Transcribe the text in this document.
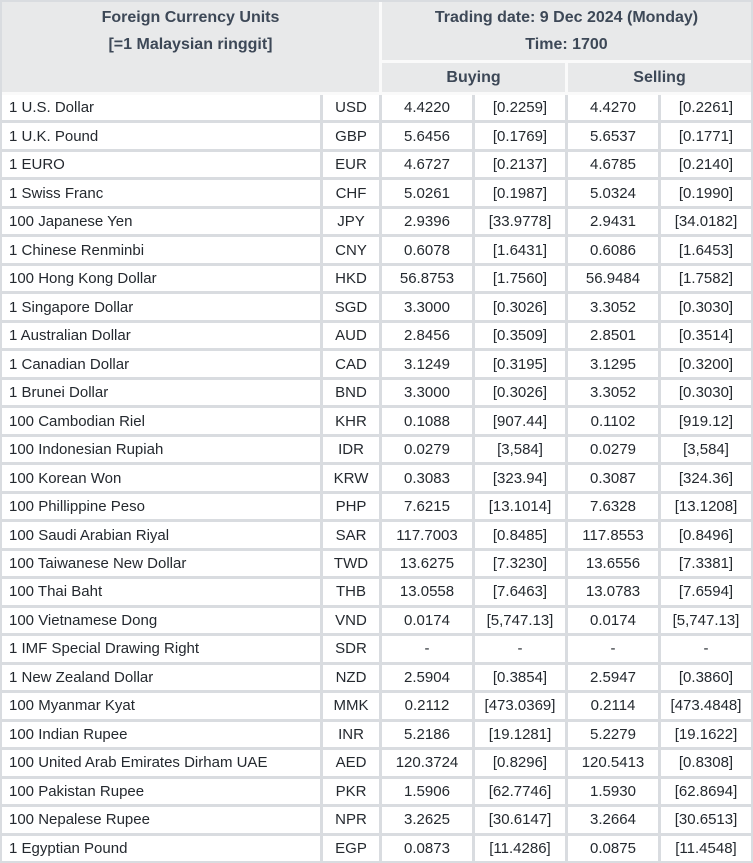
Foreign Currency Units
[=1 Malaysian ringgit]
Trading date: 9 Dec 2024 (Monday)
Time: 1700
Buying	Selling
1 U.S. Dollar	USD	4.4220	[0.2259]	4.4270	[0.2261]
1 U.K. Pound	GBP	5.6456	[0.1769]	5.6537	[0.1771]
1 EURO	EUR	4.6727	[0.2137]	4.6785	[0.2140]
1 Swiss Franc	CHF	5.0261	[0.1987]	5.0324	[0.1990]
100 Japanese Yen	JPY	2.9396	[33.9778]	2.9431	[34.0182]
1 Chinese Renminbi	CNY	0.6078	[1.6431]	0.6086	[1.6453]
100 Hong Kong Dollar	HKD	56.8753	[1.7560]	56.9484	[1.7582]
1 Singapore Dollar	SGD	3.3000	[0.3026]	3.3052	[0.3030]
1 Australian Dollar	AUD	2.8456	[0.3509]	2.8501	[0.3514]
1 Canadian Dollar	CAD	3.1249	[0.3195]	3.1295	[0.3200]
1 Brunei Dollar	BND	3.3000	[0.3026]	3.3052	[0.3030]
100 Cambodian Riel	KHR	0.1088	[907.44]	0.1102	[919.12]
100 Indonesian Rupiah	IDR	0.0279	[3,584]	0.0279	[3,584]
100 Korean Won	KRW	0.3083	[323.94]	0.3087	[324.36]
100 Phillippine Peso	PHP	7.6215	[13.1014]	7.6328	[13.1208]
100 Saudi Arabian Riyal	SAR	117.7003	[0.8485]	117.8553	[0.8496]
100 Taiwanese New Dollar	TWD	13.6275	[7.3230]	13.6556	[7.3381]
100 Thai Baht	THB	13.0558	[7.6463]	13.0783	[7.6594]
100 Vietnamese Dong	VND	0.0174	[5,747.13]	0.0174	[5,747.13]
1 IMF Special Drawing Right	SDR	-	-	-	-
1 New Zealand Dollar	NZD	2.5904	[0.3854]	2.5947	[0.3860]
100 Myanmar Kyat	MMK	0.2112	[473.0369]	0.2114	[473.4848]
100 Indian Rupee	INR	5.2186	[19.1281]	5.2279	[19.1622]
100 United Arab Emirates Dirham UAE	AED	120.3724	[0.8296]	120.5413	[0.8308]
100 Pakistan Rupee	PKR	1.5906	[62.7746]	1.5930	[62.8694]
100 Nepalese Rupee	NPR	3.2625	[30.6147]	3.2664	[30.6513]
1 Egyptian Pound	EGP	0.0873	[11.4286]	0.0875	[11.4548]
